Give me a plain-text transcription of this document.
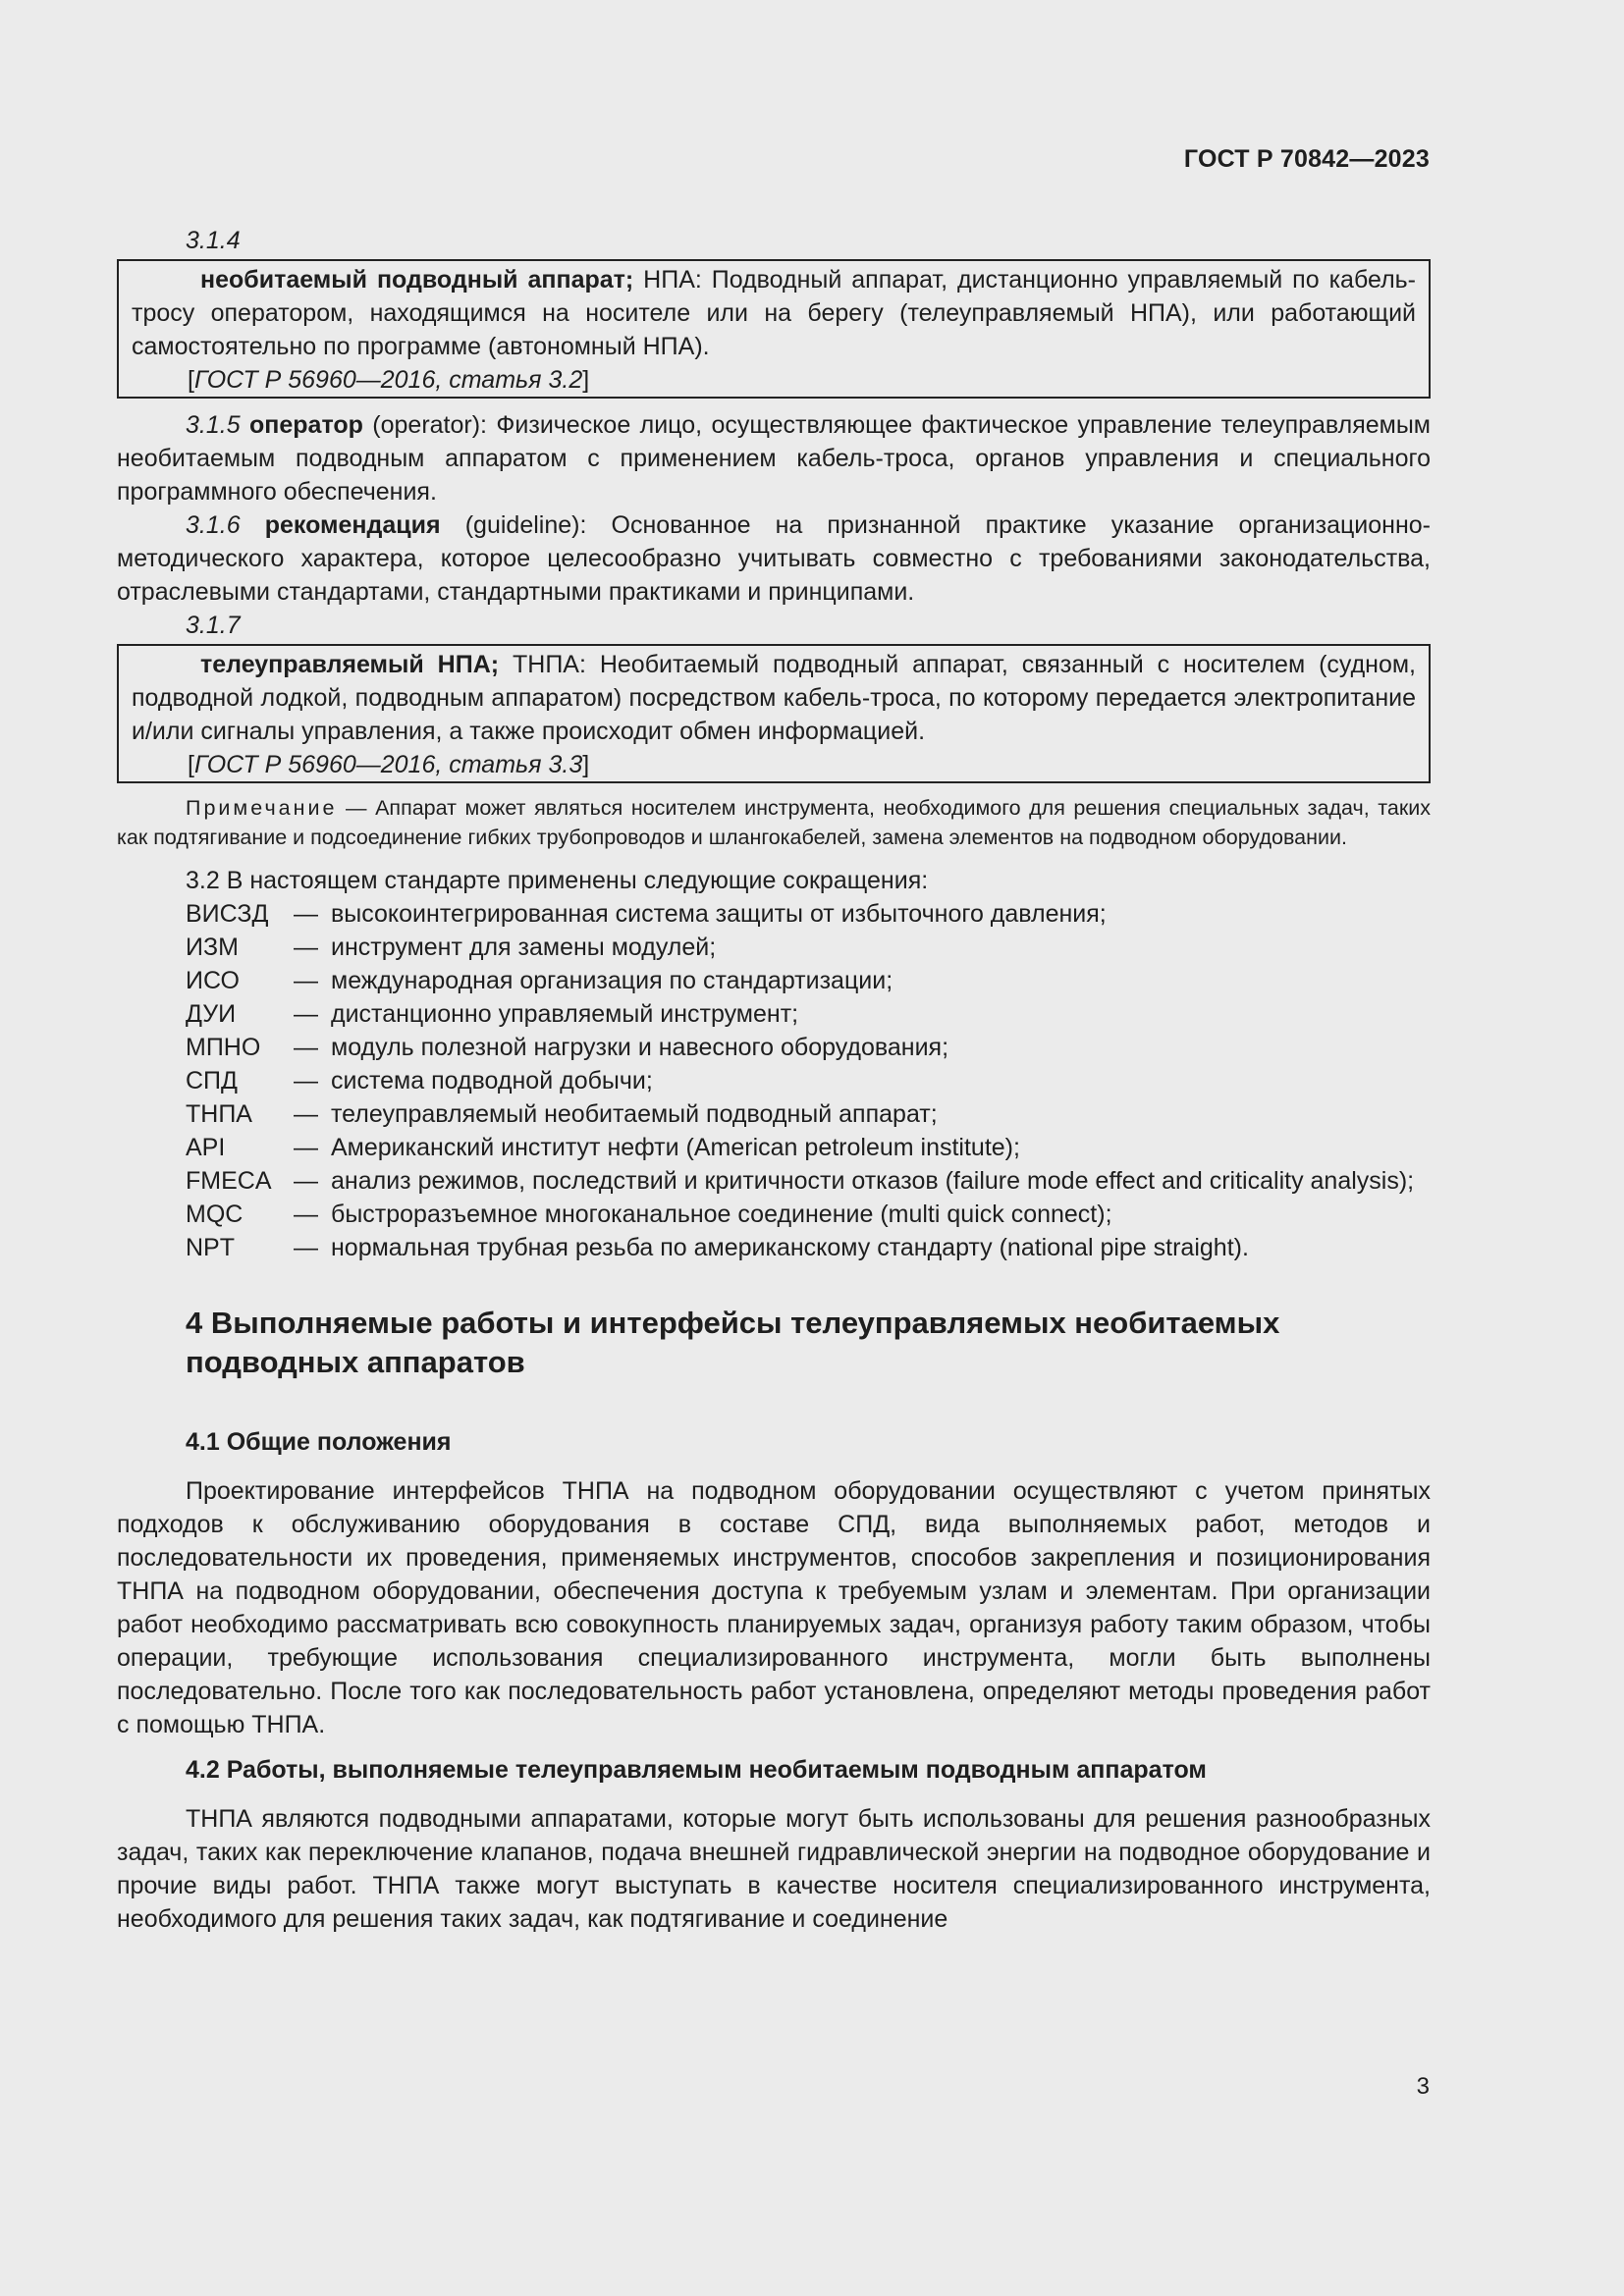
ГОСТ Р 70842—2023
3.1.4

необитаемый подводный аппарат; НПА: Подводный аппарат, дистанционно управляемый по кабель-тросу оператором, находящимся на носителе или на берегу (телеуправляемый НПА), или работающий самостоятельно по программе (автономный НПА).

[ГОСТ Р 56960—2016, статья 3.2]

3.1.5 оператор (operator): Физическое лицо, осуществляющее фактическое управление телеуправляемым необитаемым подводным аппаратом с применением кабель-троса, органов управления и специального программного обеспечения.

3.1.6 рекомендация (guideline): Основанное на признанной практике указание организационно-методического характера, которое целесообразно учитывать совместно с требованиями законодательства, отраслевыми стандартами, стандартными практиками и принципами.

3.1.7

телеуправляемый НПА; ТНПА: Необитаемый подводный аппарат, связанный с носителем (судном, подводной лодкой, подводным аппаратом) посредством кабель-троса, по которому передается электропитание и/или сигналы управления, а также происходит обмен информацией.

[ГОСТ Р 56960—2016, статья 3.3]

Примечание — Аппарат может являться носителем инструмента, необходимого для решения специальных задач, таких как подтягивание и подсоединение гибких трубопроводов и шлангокабелей, замена элементов на подводном оборудовании.

3.2 В настоящем стандарте применены следующие сокращения:

ВИСЗД	— высокоинтегрированная система защиты от избыточного давления;
ИЗМ	— инструмент для замены модулей;
ИСО	— международная организация по стандартизации;
ДУИ	— дистанционно управляемый инструмент;
МПНО	— модуль полезной нагрузки и навесного оборудования;
СПД	— система подводной добычи;
ТНПА	— телеуправляемый необитаемый подводный аппарат;
API	— Американский институт нефти (American petroleum institute);
FMECA — анализ режимов, последствий и критичности отказов (failure mode effect and criticality analysis);
MQC	— быстроразъемное многоканальное соединение (multi quick connect);
NPT	— нормальная трубная резьба по американскому стандарту (national pipe straight).
4 Выполняемые работы и интерфейсы телеуправляемых необитаемых подводных аппаратов
4.1 Общие положения

Проектирование интерфейсов ТНПА на подводном оборудовании осуществляют с учетом принятых подходов к обслуживанию оборудования в составе СПД, вида выполняемых работ, методов и последовательности их проведения, применяемых инструментов, способов закрепления и позиционирования ТНПА на подводном оборудовании, обеспечения доступа к требуемым узлам и элементам. При организации работ необходимо рассматривать всю совокупность планируемых задач, организуя работу таким образом, чтобы операции, требующие использования специализированного инструмента, могли быть выполнены последовательно. После того как последовательность работ установлена, определяют методы проведения работ с помощью ТНПА.

4.2 Работы, выполняемые телеуправляемым необитаемым подводным аппаратом

ТНПА являются подводными аппаратами, которые могут быть использованы для решения разнообразных задач, таких как переключение клапанов, подача внешней гидравлической энергии на подводное оборудование и прочие виды работ. ТНПА также могут выступать в качестве носителя специализированного инструмента, необходимого для решения таких задач, как подтягивание и соединение

3
